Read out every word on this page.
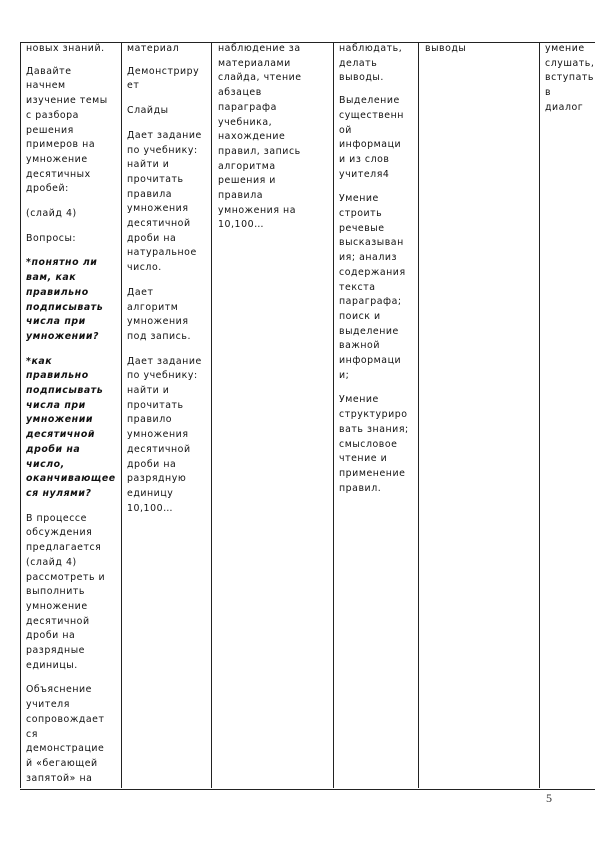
новых знаний.

Давайте
начнем
изучение темы
с разбора
решения
примеров на
умножение
десятичных
дробей:

(слайд 4)

Вопросы:

*понятно ли
вам, как
правильно
подписывать
числа при
умножении?

*как
правильно
подписывать
числа при
умножении
десятичной
дроби на
число,
оканчивающее
ся нулями?

В процессе
обсуждения
предлагается
(слайд 4)
рассмотреть и
выполнить
умножение
десятичной
дроби на
разрядные
единицы.

Объяснение
учителя
сопровождает
ся
демонстрацие
й «бегающей
запятой» на

материал

Демонстриру
ет

Слайды

Дает задание
по учебнику:
найти и
прочитать
правила
умножения
десятичной
дроби на
натуральное
число.

Дает
алгоритм
умножения
под запись.

Дает задание
по учебнику:
найти и
прочитать
правило
умножения
десятичной
дроби на
разрядную
единицу
10,100…

наблюдение за
материалами
слайда, чтение
абзацев
параграфа
учебника,
нахождение
правил, запись
алгоритма
решения и
правила
умножения на
10,100…

наблюдать,
делать
выводы.

Выделение
существенн
ой
информаци
и из слов
учителя4

Умение
строить
речевые
высказыван
ия; анализ
содержания
текста
параграфа;
поиск и
выделение
важной
информаци
и;

Умение
структуриро
вать знания;
смысловое
чтение и
применение
правил.

выводы	умение
слушать,
вступать в
диалог

5
